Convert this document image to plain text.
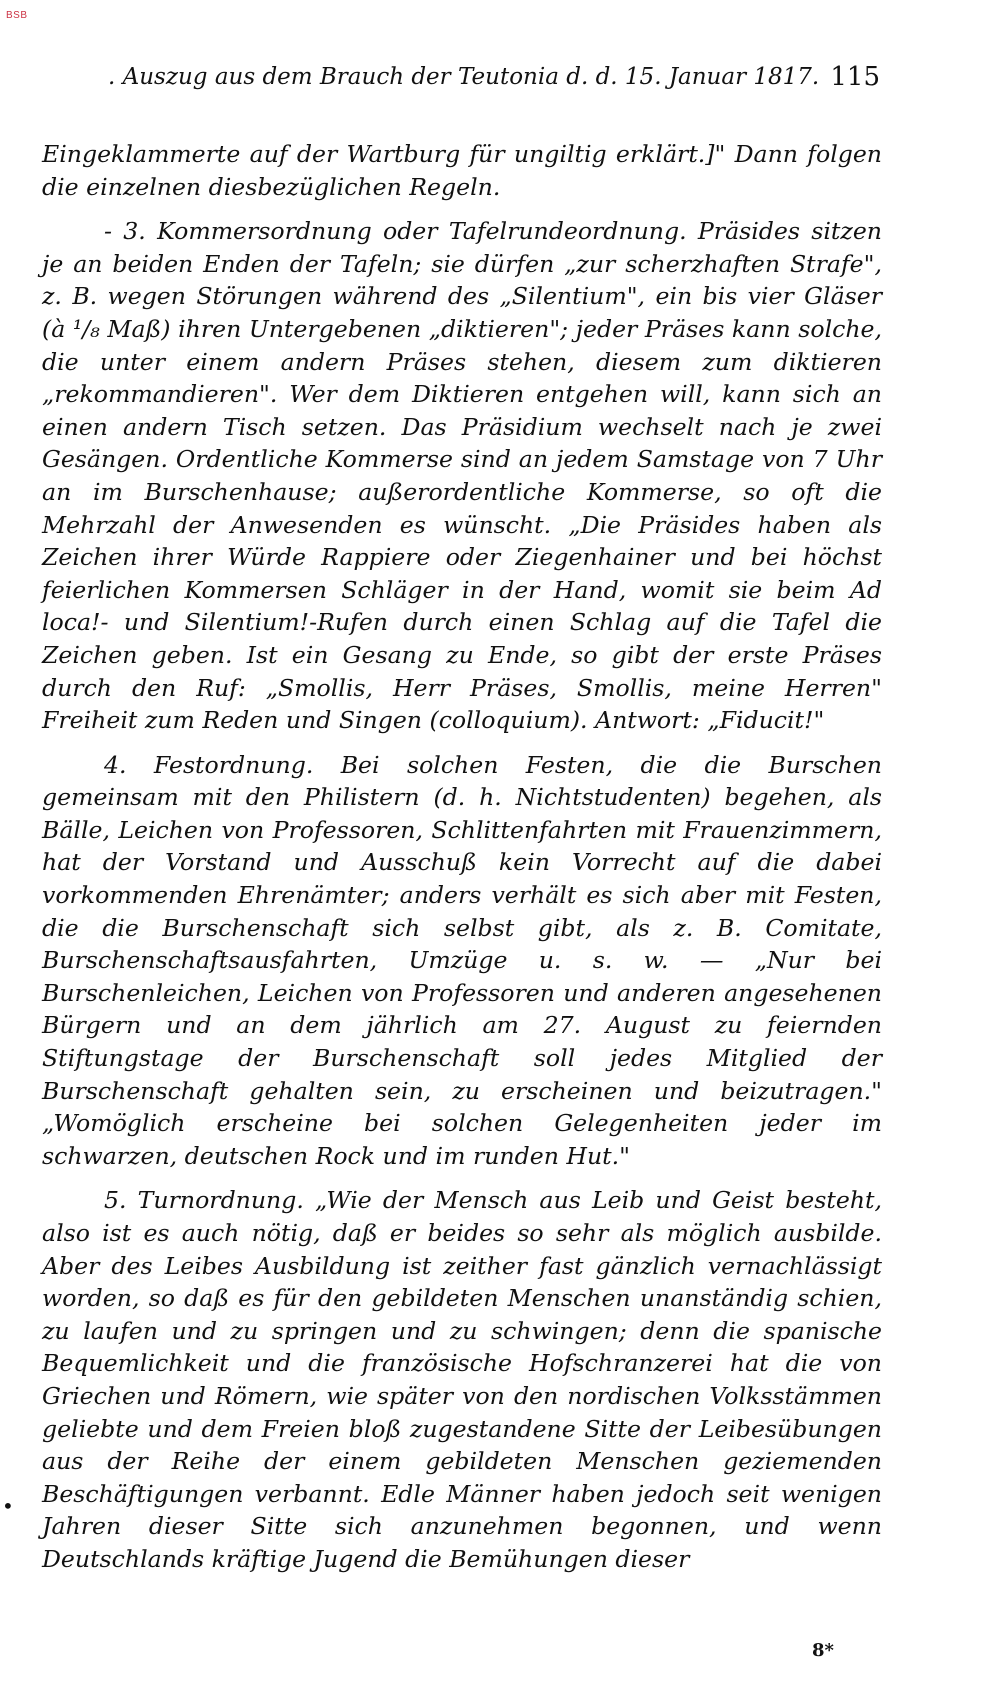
BSB
. Auszug aus dem Brauch der Teutonia d. d. 15. Januar 1817. 115

Eingeklammerte auf der Wartburg für ungiltig erklärt.]" Dann folgen die einzelnen diesbezüglichen Regeln.

- 3. Kommersordnung oder Tafelrundeordnung. Präsides sitzen je an beiden Enden der Tafeln; sie dürfen „zur scherzhaften Strafe", z. B. wegen Störungen während des „Silentium", ein bis vier Gläser (à ¹/₈ Maß) ihren Untergebenen „diktieren"; jeder Präses kann solche, die unter einem andern Präses stehen, diesem zum diktieren „rekommandieren". Wer dem Diktieren entgehen will, kann sich an einen andern Tisch setzen. Das Präsidium wechselt nach je zwei Gesängen. Ordentliche Kommerse sind an jedem Samstage von 7 Uhr an im Burschenhause; außerordentliche Kommerse, so oft die Mehrzahl der Anwesenden es wünscht. „Die Präsides haben als Zeichen ihrer Würde Rappiere oder Ziegenhainer und bei höchst feierlichen Kommersen Schläger in der Hand, womit sie beim Ad loca!- und Silentium!-Rufen durch einen Schlag auf die Tafel die Zeichen geben. Ist ein Gesang zu Ende, so gibt der erste Präses durch den Ruf: „Smollis, Herr Präses, Smollis, meine Herren" Freiheit zum Reden und Singen (colloquium). Antwort: „Fiducit!"

4. Festordnung. Bei solchen Festen, die die Burschen gemeinsam mit den Philistern (d. h. Nichtstudenten) begehen, als Bälle, Leichen von Professoren, Schlittenfahrten mit Frauenzimmern, hat der Vorstand und Ausschuß kein Vorrecht auf die dabei vorkommenden Ehrenämter; anders verhält es sich aber mit Festen, die die Burschenschaft sich selbst gibt, als z. B. Comitate, Burschenschaftsausfahrten, Umzüge u. s. w. — „Nur bei Burschenleichen, Leichen von Professoren und anderen angesehenen Bürgern und an dem jährlich am 27. August zu feiernden Stiftungstage der Burschenschaft soll jedes Mitglied der Burschenschaft gehalten sein, zu erscheinen und beizutragen." „Womöglich erscheine bei solchen Gelegenheiten jeder im schwarzen, deutschen Rock und im runden Hut."

5. Turnordnung. „Wie der Mensch aus Leib und Geist besteht, also ist es auch nötig, daß er beides so sehr als möglich ausbilde. Aber des Leibes Ausbildung ist zeither fast gänzlich vernachlässigt worden, so daß es für den gebildeten Menschen unanständig schien, zu laufen und zu springen und zu schwingen; denn die spanische Bequemlichkeit und die französische Hofschranzerei hat die von Griechen und Römern, wie später von den nordischen Volksstämmen geliebte und dem Freien bloß zugestandene Sitte der Leibesübungen aus der Reihe der einem gebildeten Menschen geziemenden Beschäftigungen verbannt. Edle Männer haben jedoch seit wenigen Jahren dieser Sitte sich anzunehmen begonnen, und wenn Deutschlands kräftige Jugend die Bemühungen dieser

•
8*
